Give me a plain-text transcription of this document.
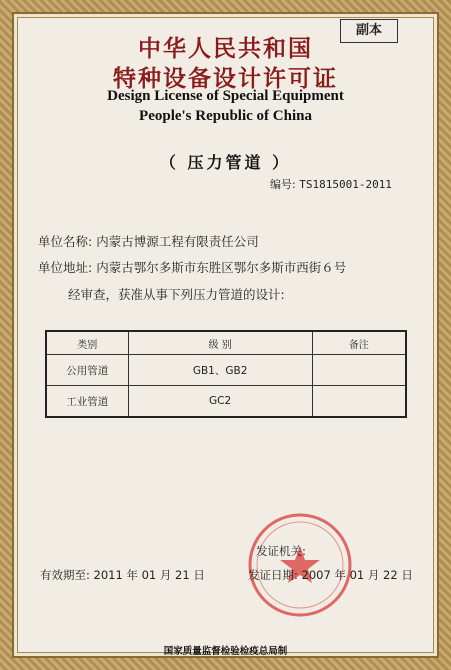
副本
中华人民共和国
特种设备设计许可证
Design License of Special Equipment
People's Republic of China
（ 压力管道 ）
编号: TS1815001-2011
单位名称: 内蒙古博源工程有限责任公司
单位地址: 内蒙古鄂尔多斯市东胜区鄂尔多斯市西街６号
经审查，获准从事下列压力管道的设计:
类别	级 别	备注
公用管道	GB1、GB2	
工业管道	GC2	
发证机关:
有效期至: 2011 年 01 月 21 日	发证日期: 2007 年 01 月 22 日
国家质量监督检验检疫总局制
